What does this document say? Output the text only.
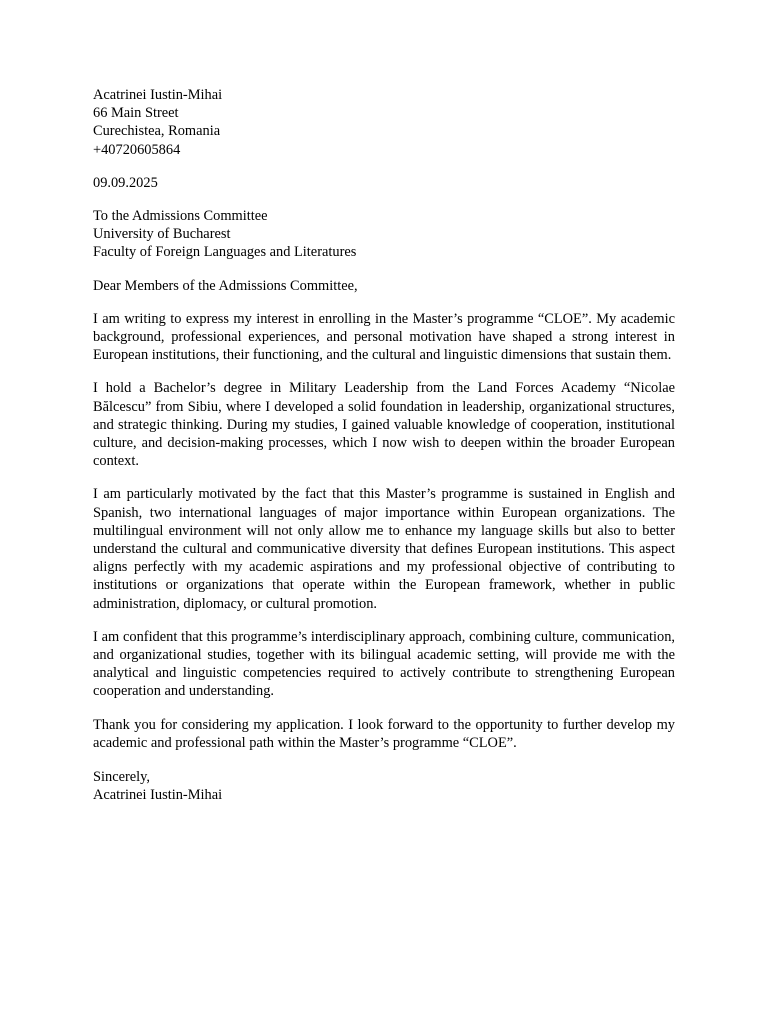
Acatrinei Iustin-Mihai
66 Main Street
Curechistea, Romania
+40720605864
09.09.2025
To the Admissions Committee
University of Bucharest
Faculty of Foreign Languages and Literatures
Dear Members of the Admissions Committee,

I am writing to express my interest in enrolling in the Master’s programme “CLOE”. My academic background, professional experiences, and personal motivation have shaped a strong interest in European institutions, their functioning, and the cultural and linguistic dimensions that sustain them.

I hold a Bachelor’s degree in Military Leadership from the Land Forces Academy “Nicolae Bălcescu” from Sibiu, where I developed a solid foundation in leadership, organizational structures, and strategic thinking. During my studies, I gained valuable knowledge of cooperation, institutional culture, and decision-making processes, which I now wish to deepen within the broader European context.

I am particularly motivated by the fact that this Master’s programme is sustained in English and Spanish, two international languages of major importance within European organizations. The multilingual environment will not only allow me to enhance my language skills but also to better understand the cultural and communicative diversity that defines European institutions. This aspect aligns perfectly with my academic aspirations and my professional objective of contributing to institutions or organizations that operate within the European framework, whether in public administration, diplomacy, or cultural promotion.

I am confident that this programme’s interdisciplinary approach, combining culture, communication, and organizational studies, together with its bilingual academic setting, will provide me with the analytical and linguistic competencies required to actively contribute to strengthening European cooperation and understanding.

Thank you for considering my application. I look forward to the opportunity to further develop my academic and professional path within the Master’s programme “CLOE”.

Sincerely,
Acatrinei Iustin-Mihai
